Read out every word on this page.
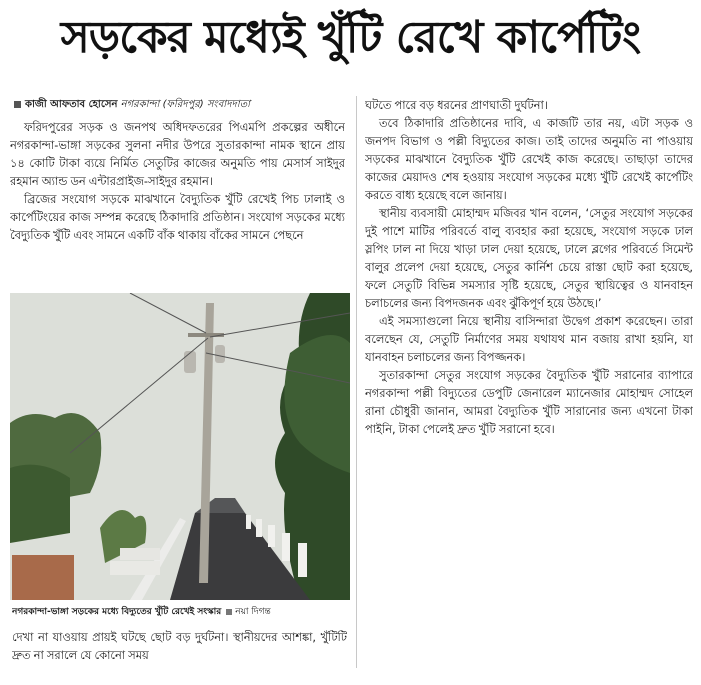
সড়কের মধ্যেই খুঁটি রেখে কার্পেটিং
কাজী আফতাব হোসেন নগরকান্দা (ফরিদপুর) সংবাদদাতা

ফরিদপুরের সড়ক ও জনপথ অধিদফতরের পিএমপি প্রকল্পের অধীনে নগরকান্দা-ভাঙ্গা সড়কের সুলনা নদীর উপরে সুতারকান্দা নামক স্থানে প্রায় ১৪ কোটি টাকা ব্যয়ে নির্মিত সেতুটির কাজের অনুমতি পায় মেসার্স সাইদুর রহমান অ্যান্ড ডন এন্টারপ্রাইজ-সাইদুর রহমান।

ব্রিজের সংযোগ সড়কে মাঝখানে বৈদ্যুতিক খুঁটি রেখেই পিচ ঢালাই ও কার্পেটিংয়ের কাজ সম্পন্ন করেছে ঠিকাদারি প্রতিষ্ঠান। সংযোগ সড়কের মধ্যে বৈদ্যুতিক খুঁটি এবং সামনে একটি বাঁক থাকায় বাঁকের সামনে পেছনে

নগরকান্দা-ভাঙ্গা সড়কের মধ্যে বিদ্যুতের খুঁটি রেখেই সংস্কার নয়া দিগন্ত

দেখা না যাওয়ায় প্রায়ই ঘটছে ছোট বড় দুর্ঘটনা। স্থানীয়দের আশঙ্কা, খুঁটিটি দ্রুত না সরালে যে কোনো সময়

ঘটতে পারে বড় ধরনের প্রাণঘাতী দুর্ঘটনা।

তবে ঠিকাদারি প্রতিষ্ঠানের দাবি, এ কাজটি তার নয়, এটা সড়ক ও জনপদ বিভাগ ও পল্লী বিদ্যুতের কাজ। তাই তাদের অনুমতি না পাওয়ায় সড়কের মাঝখানে বৈদ্যুতিক খুঁটি রেখেই কাজ করেছে। তাছাড়া তাদের কাজের মেয়াদও শেষ হওয়ায় সংযোগ সড়কের মধ্যে খুঁটি রেখেই কার্পেটিং করতে বাধ্য হয়েছে বলে জানায়।

স্থানীয় ব্যবসায়ী মোহাম্মদ মজিবর খান বলেন, ‘সেতুর সংযোগ সড়কের দুই পাশে মাটির পরিবর্তে বালু ব্যবহার করা হয়েছে, সংযোগ সড়কে ঢাল স্লপিং ঢাল না দিয়ে খাড়া ঢাল দেয়া হয়েছে, ঢালে ব্লগের পরিবর্তে সিমেন্ট বালুর প্রলেপ দেয়া হয়েছে, সেতুর কার্নিশ চেয়ে রাস্তা ছোট করা হয়েছে, ফলে সেতুটি বিভিন্ন সমস্যার সৃষ্টি হয়েছে, সেতুর স্থায়িত্বের ও যানবাহন চলাচলের জন্য বিপদজনক এবং ঝুঁকিপূর্ণ হয়ে উঠছে।’

এই সমস্যাগুলো নিয়ে স্থানীয় বাসিন্দারা উদ্বেগ প্রকাশ করেছেন। তারা বলেছেন যে, সেতুটি নির্মাণের সময় যথাযথ মান বজায় রাখা হয়নি, যা যানবাহন চলাচলের জন্য বিপজ্জনক।

সুতারকান্দা সেতুর সংযোগ সড়কের বৈদ্যুতিক খুঁটি সরানোর ব্যাপারে নগরকান্দা পল্লী বিদ্যুতের ডেপুটি জেনারেল ম্যানেজার মোহাম্মদ সোহেল রানা চৌধুরী জানান, আমরা বৈদ্যুতিক খুঁটি সারানোর জন্য এখনো টাকা পাইনি, টাকা পেলেই দ্রুত খুঁটি সরানো হবে।
